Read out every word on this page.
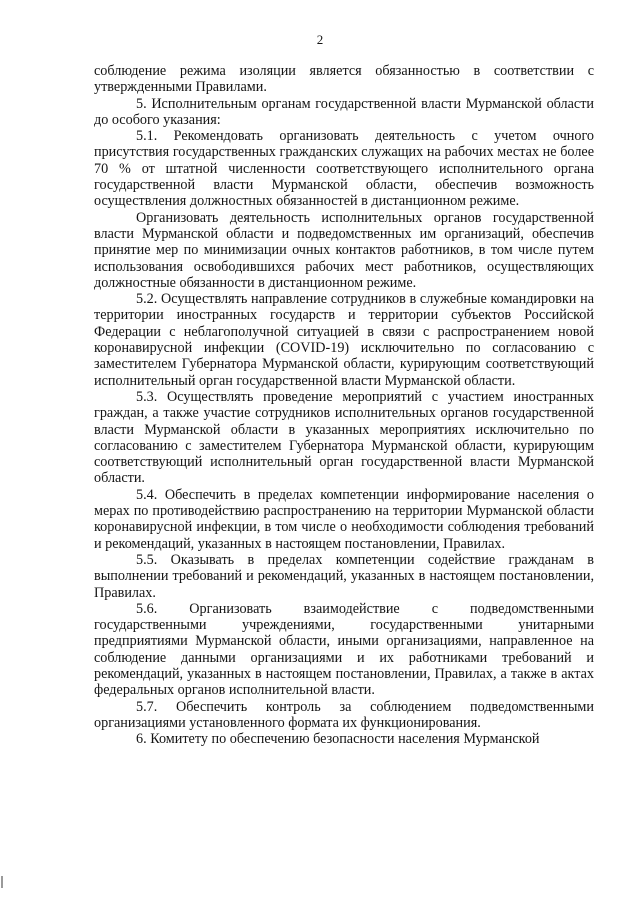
2

соблюдение режима изоляции является обязанностью в соответствии с утвержденными Правилами.

5. Исполнительным органам государственной власти Мурманской области до особого указания:

5.1. Рекомендовать организовать деятельность с учетом очного присутствия государственных гражданских служащих на рабочих местах не более 70 % от штатной численности соответствующего исполнительного органа государственной власти Мурманской области, обеспечив возможность осуществления должностных обязанностей в дистанционном режиме.

Организовать деятельность исполнительных органов государственной власти Мурманской области и подведомственных им организаций, обеспечив принятие мер по минимизации очных контактов работников, в том числе путем использования освободившихся рабочих мест работников, осуществляющих должностные обязанности в дистанционном режиме.

5.2. Осуществлять направление сотрудников в служебные командировки на территории иностранных государств и территории субъектов Российской Федерации с неблагополучной ситуацией в связи с распространением новой коронавирусной инфекции (COVID-19) исключительно по согласованию с заместителем Губернатора Мурманской области, курирующим соответствующий исполнительный орган государственной власти Мурманской области.

5.3. Осуществлять проведение мероприятий с участием иностранных граждан, а также участие сотрудников исполнительных органов государственной власти Мурманской области в указанных мероприятиях исключительно по согласованию с заместителем Губернатора Мурманской области, курирующим соответствующий исполнительный орган государственной власти Мурманской области.

5.4. Обеспечить в пределах компетенции информирование населения о мерах по противодействию распространению на территории Мурманской области коронавирусной инфекции, в том числе о необходимости соблюдения требований и рекомендаций, указанных в настоящем постановлении, Правилах.

5.5. Оказывать в пределах компетенции содействие гражданам в выполнении требований и рекомендаций, указанных в настоящем постановлении, Правилах.

5.6. Организовать взаимодействие с подведомственными государственными учреждениями, государственными унитарными предприятиями Мурманской области, иными организациями, направленное на соблюдение данными организациями и их работниками требований и рекомендаций, указанных в настоящем постановлении, Правилах, а также в актах федеральных органов исполнительной власти.

5.7. Обеспечить контроль за соблюдением подведомственными организациями установленного формата их функционирования.

6. Комитету по обеспечению безопасности населения Мурманской
